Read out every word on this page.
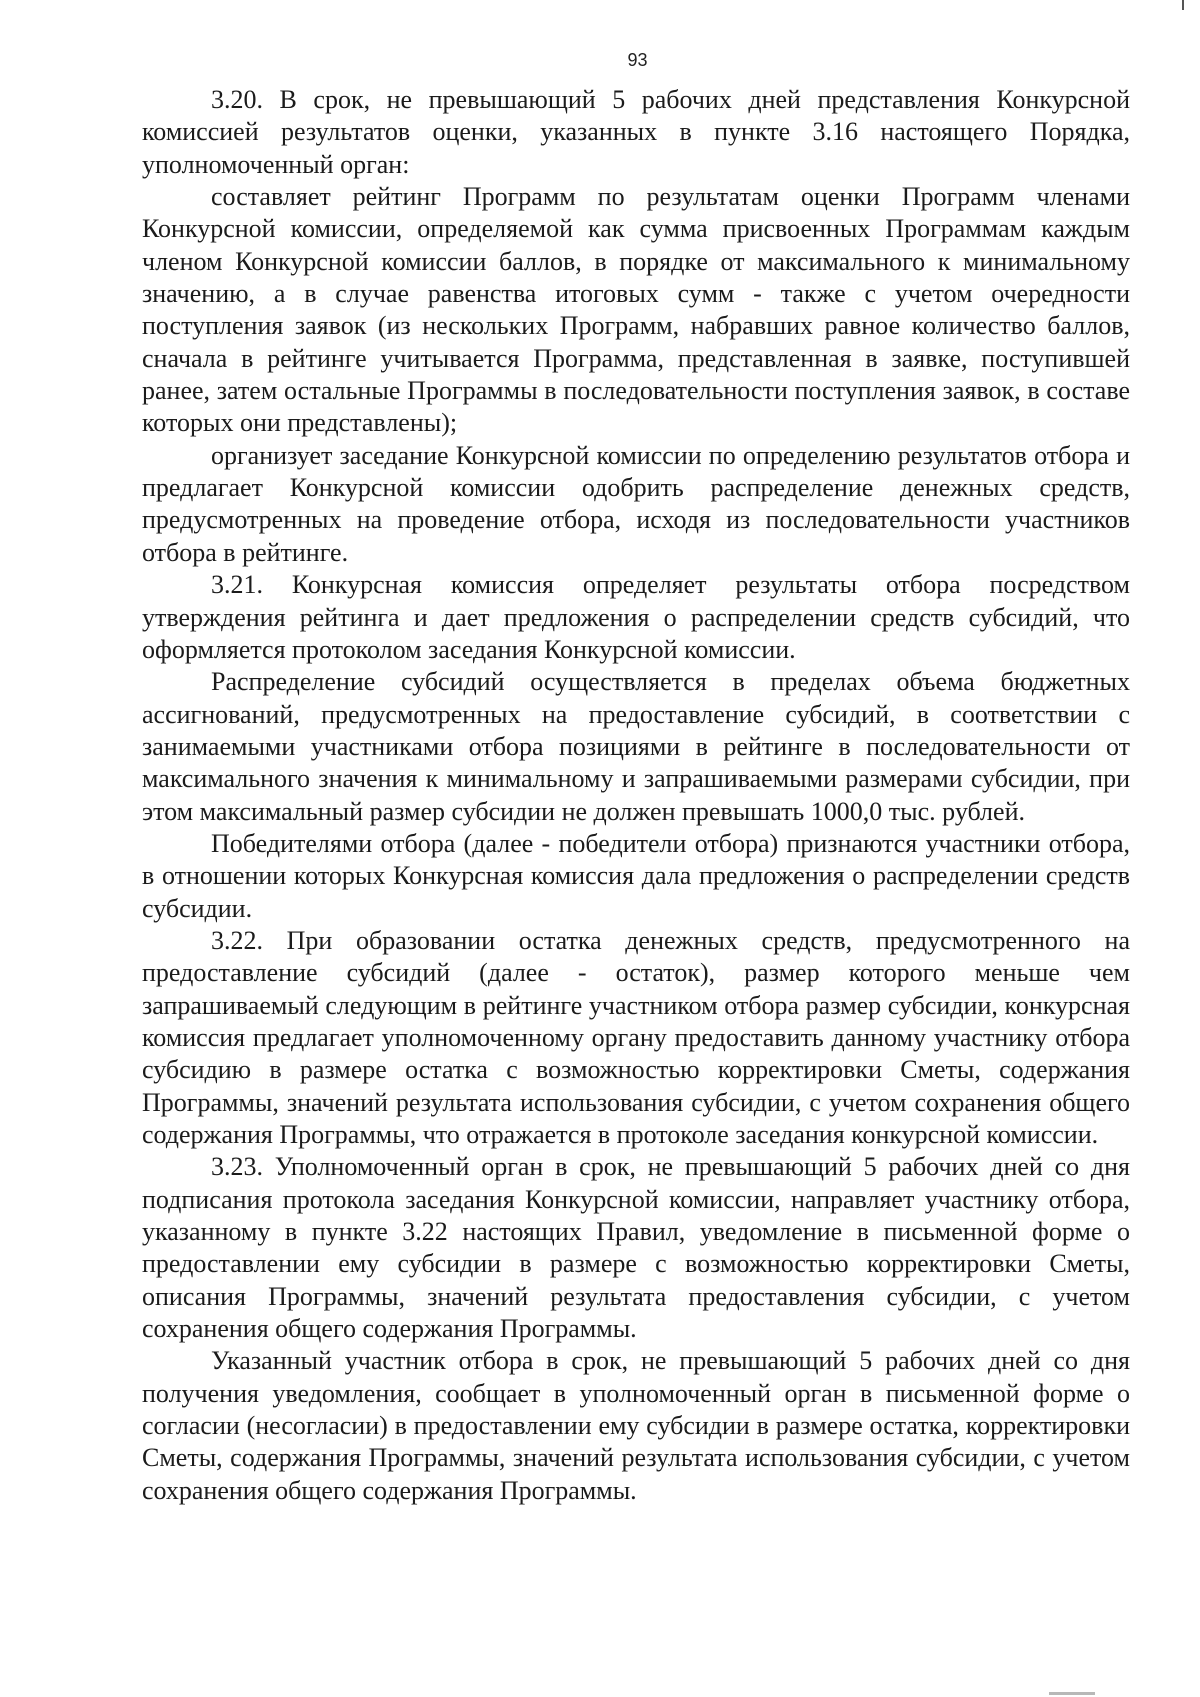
93

3.20. В срок, не превышающий 5 рабочих дней представления Конкурсной комиссией результатов оценки, указанных в пункте 3.16 настоящего Порядка, уполномоченный орган:

составляет рейтинг Программ по результатам оценки Программ членами Конкурсной комиссии, определяемой как сумма присвоенных Программам каждым членом Конкурсной комиссии баллов, в порядке от максимального к минимальному значению, а в случае равенства итоговых сумм - также с учетом очередности поступления заявок (из нескольких Программ, набравших равное количество баллов, сначала в рейтинге учитывается Программа, представленная в заявке, поступившей ранее, затем остальные Программы в последовательности поступления заявок, в составе которых они представлены);

организует заседание Конкурсной комиссии по определению результатов отбора и предлагает Конкурсной комиссии одобрить распределение денежных средств, предусмотренных на проведение отбора, исходя из последовательности участников отбора в рейтинге.

3.21. Конкурсная комиссия определяет результаты отбора посредством утверждения рейтинга и дает предложения о распределении средств субсидий, что оформляется протоколом заседания Конкурсной комиссии.

Распределение субсидий осуществляется в пределах объема бюджетных ассигнований, предусмотренных на предоставление субсидий, в соответствии с занимаемыми участниками отбора позициями в рейтинге в последовательности от максимального значения к минимальному и запрашиваемыми размерами субсидии, при этом максимальный размер субсидии не должен превышать 1000,0 тыс. рублей.

Победителями отбора (далее - победители отбора) признаются участники отбора, в отношении которых Конкурсная комиссия дала предложения о распределении средств субсидии.

3.22. При образовании остатка денежных средств, предусмотренного на предоставление субсидий (далее - остаток), размер которого меньше чем запрашиваемый следующим в рейтинге участником отбора размер субсидии, конкурсная комиссия предлагает уполномоченному органу предоставить данному участнику отбора субсидию в размере остатка с возможностью корректировки Сметы, содержания Программы, значений результата использования субсидии, с учетом сохранения общего содержания Программы, что отражается в протоколе заседания конкурсной комиссии.

3.23. Уполномоченный орган в срок, не превышающий 5 рабочих дней со дня подписания протокола заседания Конкурсной комиссии, направляет участнику отбора, указанному в пункте 3.22 настоящих Правил, уведомление в письменной форме о предоставлении ему субсидии в размере с возможностью корректировки Сметы, описания Программы, значений результата предоставления субсидии, с учетом сохранения общего содержания Программы.

Указанный участник отбора в срок, не превышающий 5 рабочих дней со дня получения уведомления, сообщает в уполномоченный орган в письменной форме о согласии (несогласии) в предоставлении ему субсидии в размере остатка, корректировки Сметы, содержания Программы, значений результата использования субсидии, с учетом сохранения общего содержания Программы.
